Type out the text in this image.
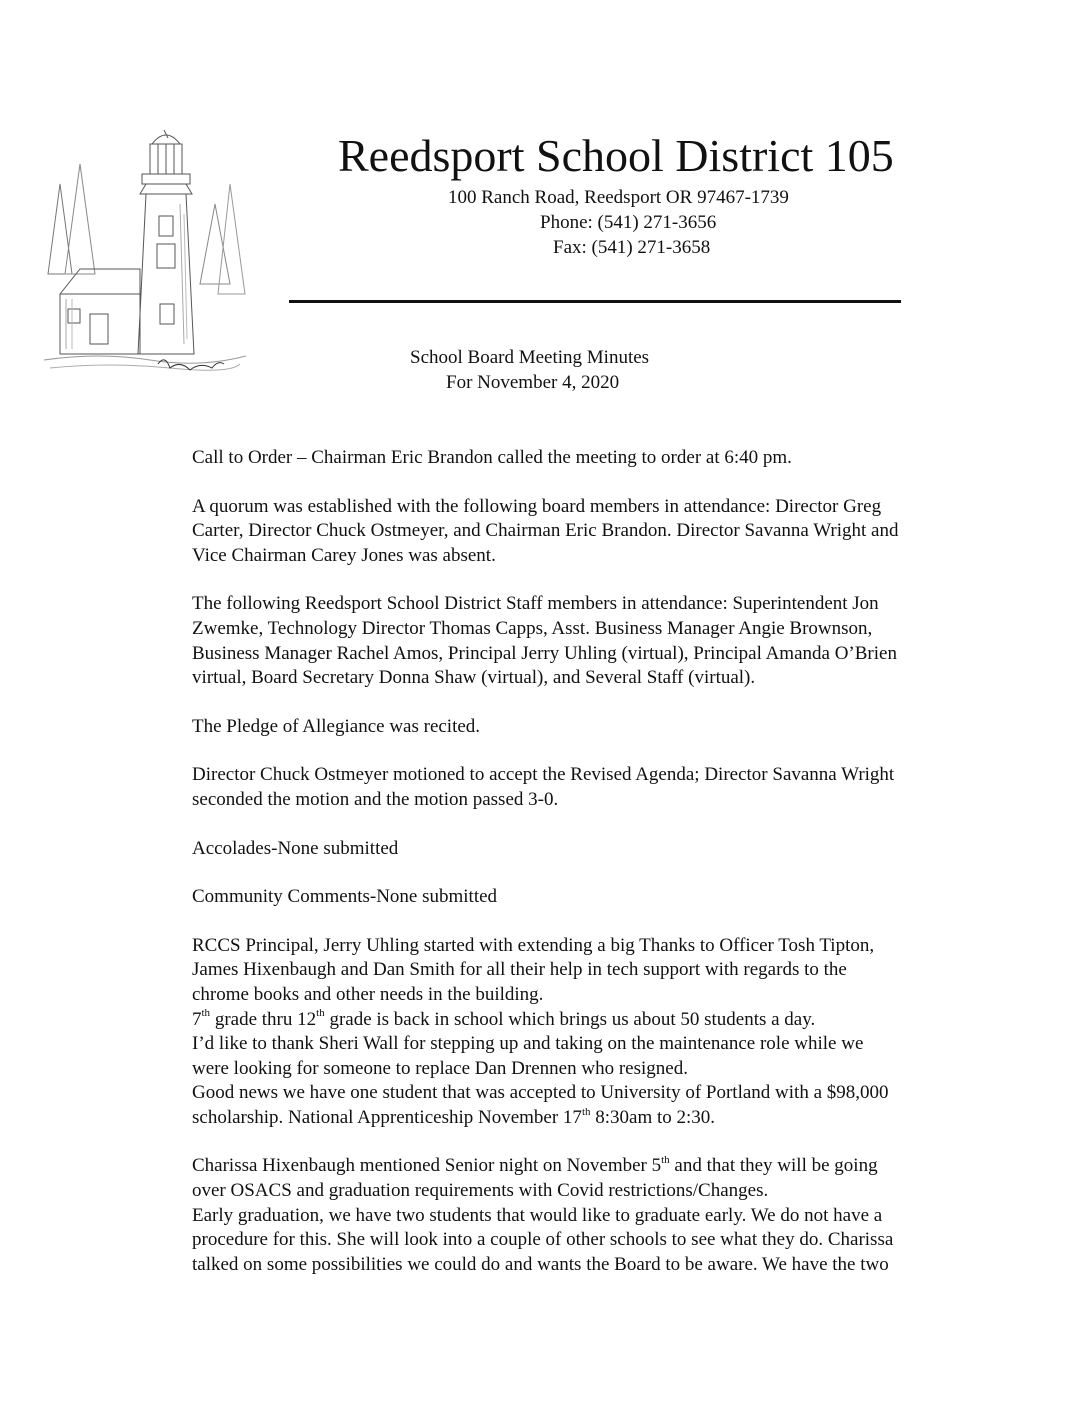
Reedsport School District 105
100 Ranch Road, Reedsport OR 97467-1739
Phone: (541) 271-3656
Fax: (541) 271-3658
School Board Meeting Minutes
For November 4, 2020

Call to Order – Chairman Eric Brandon called the meeting to order at 6:40 pm.

A quorum was established with the following board members in attendance: Director Greg
Carter, Director Chuck Ostmeyer, and Chairman Eric Brandon. Director Savanna Wright and
Vice Chairman Carey Jones was absent.

The following Reedsport School District Staff members in attendance: Superintendent Jon
Zwemke, Technology Director Thomas Capps, Asst. Business Manager Angie Brownson,
Business Manager Rachel Amos, Principal Jerry Uhling (virtual), Principal Amanda O’Brien
virtual, Board Secretary Donna Shaw (virtual), and Several Staff (virtual).

The Pledge of Allegiance was recited.

Director Chuck Ostmeyer motioned to accept the Revised Agenda; Director Savanna Wright
seconded the motion and the motion passed 3-0.

Accolades-None submitted

Community Comments-None submitted

RCCS Principal, Jerry Uhling started with extending a big Thanks to Officer Tosh Tipton,
James Hixenbaugh and Dan Smith for all their help in tech support with regards to the
chrome books and other needs in the building.
7th grade thru 12th grade is back in school which brings us about 50 students a day.
I’d like to thank Sheri Wall for stepping up and taking on the maintenance role while we
were looking for someone to replace Dan Drennen who resigned.
Good news we have one student that was accepted to University of Portland with a $98,000
scholarship. National Apprenticeship November 17th 8:30am to 2:30.

Charissa Hixenbaugh mentioned Senior night on November 5th and that they will be going
over OSACS and graduation requirements with Covid restrictions/Changes.
Early graduation, we have two students that would like to graduate early. We do not have a
procedure for this. She will look into a couple of other schools to see what they do. Charissa
talked on some possibilities we could do and wants the Board to be aware. We have the two
